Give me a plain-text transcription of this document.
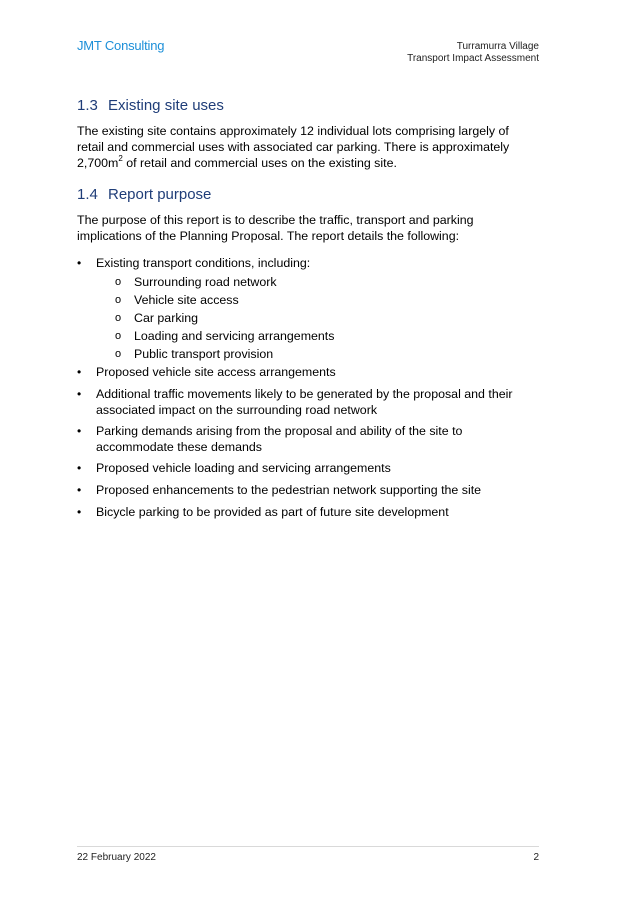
JMT Consulting	Turramurra Village
Transport Impact Assessment
1.3 Existing site uses

The existing site contains approximately 12 individual lots comprising largely of
retail and commercial uses with associated car parking. There is approximately
$2,700m^2$ of retail and commercial uses on the existing site.

1.4 Report purpose

The purpose of this report is to describe the traffic, transport and parking
implications of the Planning Proposal. The report details the following:

• Existing transport conditions, including:
o Surrounding road network
o Vehicle site access
o Car parking
o Loading and servicing arrangements
o Public transport provision
• Proposed vehicle site access arrangements
• Additional traffic movements likely to be generated by the proposal and their
associated impact on the surrounding road network
• Parking demands arising from the proposal and ability of the site to
accommodate these demands
• Proposed vehicle loading and servicing arrangements
• Proposed enhancements to the pedestrian network supporting the site
• Bicycle parking to be provided as part of future site development
22 February 2022	2
